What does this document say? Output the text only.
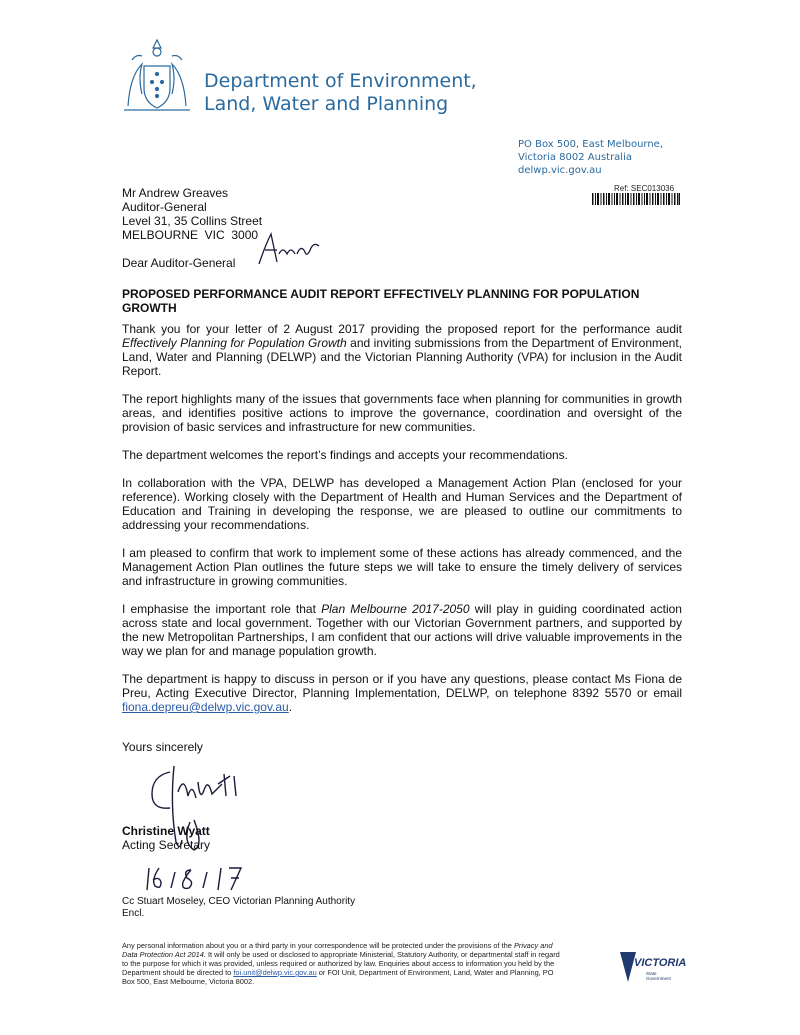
Department of Environment,
Land, Water and Planning
PO Box 500, East Melbourne,
Victoria 8002 Australia
delwp.vic.gov.au
Ref: SEC013036
Mr Andrew Greaves
Auditor-General
Level 31, 35 Collins Street
MELBOURNE  VIC  3000
Dear Auditor-General
PROPOSED PERFORMANCE AUDIT REPORT EFFECTIVELY PLANNING FOR POPULATION GROWTH

Thank you for your letter of 2 August 2017 providing the proposed report for the performance audit Effectively Planning for Population Growth and inviting submissions from the Department of Environment, Land, Water and Planning (DELWP) and the Victorian Planning Authority (VPA) for inclusion in the Audit Report.

The report highlights many of the issues that governments face when planning for communities in growth areas, and identifies positive actions to improve the governance, coordination and oversight of the provision of basic services and infrastructure for new communities.

The department welcomes the report’s findings and accepts your recommendations.

In collaboration with the VPA, DELWP has developed a Management Action Plan (enclosed for your reference). Working closely with the Department of Health and Human Services and the Department of Education and Training in developing the response, we are pleased to outline our commitments to addressing your recommendations.

I am pleased to confirm that work to implement some of these actions has already commenced, and the Management Action Plan outlines the future steps we will take to ensure the timely delivery of services and infrastructure in growing communities.

I emphasise the important role that Plan Melbourne 2017-2050 will play in guiding coordinated action across state and local government. Together with our Victorian Government partners, and supported by the new Metropolitan Partnerships, I am confident that our actions will drive valuable improvements in the way we plan for and manage population growth.

The department is happy to discuss in person or if you have any questions, please contact Ms Fiona de Preu, Acting Executive Director, Planning Implementation, DELWP, on telephone 8392 5570 or email fiona.depreu@delwp.vic.gov.au.

Yours sincerely
Christine Wyatt
Acting Secretary
Cc Stuart Moseley, CEO Victorian Planning Authority
Encl.
Any personal information about you or a third party in your correspondence will be protected under the provisions of the Privacy and Data Protection Act 2014. It will only be used or disclosed to appropriate Ministerial, Statutory Authority, or departmental staff in regard to the purpose for which it was provided, unless required or authorized by law. Enquiries about access to information you held by the Department should be directed to foi.unit@delwp.vic.gov.au or FOI Unit, Department of Environment, Land, Water and Planning, PO Box 500, East Melbourne, Victoria 8002.
VICTORIA
State
Government
